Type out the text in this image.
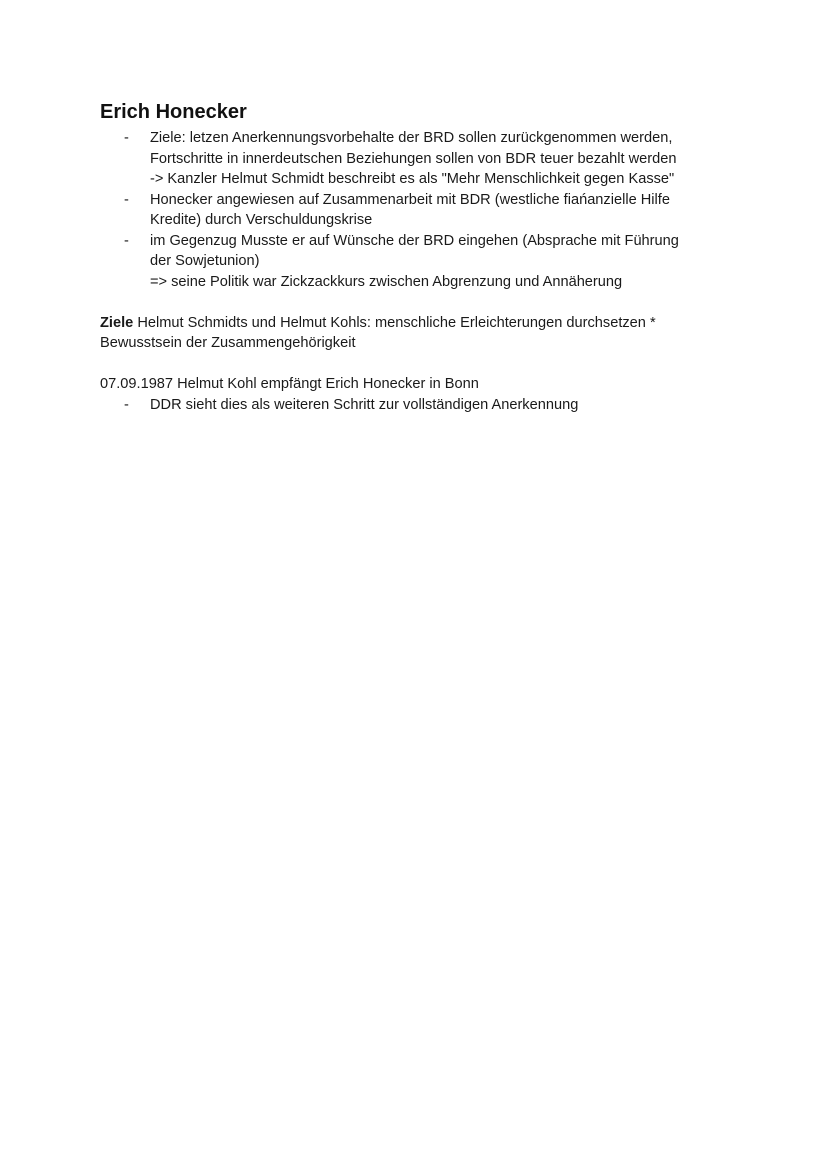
Erich Honecker
- Ziele: letzen Anerkennungsvorbehalte der BRD sollen zurückgenommen werden,
Fortschritte in innerdeutschen Beziehungen sollen von BDR teuer bezahlt werden
-> Kanzler Helmut Schmidt beschreibt es als "Mehr Menschlichkeit gegen Kasse"
- Honecker angewiesen auf Zusammenarbeit mit BDR (westliche fiańanzielle Hilfe
Kredite) durch Verschuldungskrise
- im Gegenzug Musste er auf Wünsche der BRD eingehen (Absprache mit Führung
der Sowjetunion)
=> seine Politik war Zickzackkurs zwischen Abgrenzung und Annäherung

Ziele Helmut Schmidts und Helmut Kohls: menschliche Erleichterungen durchsetzen *
Bewusstsein der Zusammengehörigkeit

07.09.1987 Helmut Kohl empfängt Erich Honecker in Bonn

- DDR sieht dies als weiteren Schritt zur vollständigen Anerkennung
